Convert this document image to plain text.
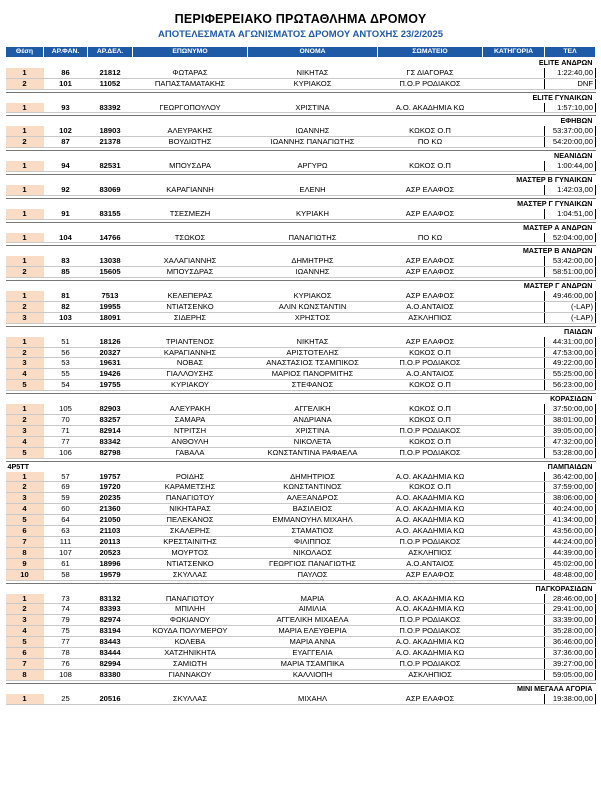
ΠΕΡΙΦΕΡΕΙΑΚΟ ΠΡΩΤΑΘΛΗΜΑ ΔΡΟΜΟΥ
ΑΠΟΤΕΛΕΣΜΑΤΑ ΑΓΩΝΙΣΜΑΤΟΣ ΔΡΟΜΟΥ ΑΝΤΟΧΗΣ 23/2/2025
Θέση	ΑΡ.ΦΑΝ.	ΑΡ.ΔΕΛ.	ΕΠΩΝΥΜΟ	ΟΝΟΜΑ	ΣΩΜΑΤΕΙΟ	ΚΑΤΗΓΟΡΙΑ	ΤΕΛ
						ELITE ΑΝΔΡΩΝ	
1	86	21812	ΦΩΤΑΡΑΣ	ΝΙΚΗΤΑΣ	ΓΣ ΔΙΑΓΟΡΑΣ		1:22:40,00
2	101	11052	ΠΑΠΑΣΤΑΜΑΤΑΚΗΣ	ΚΥΡΙΑΚΟΣ	Π.Ο.Ρ ΡΟΔΙΑΚΟΣ		DNF

						ELITE ΓΥΝΑΙΚΩΝ	
1	93	83392	ΓΕΩΡΓΟΠΟΥΛΟΥ	ΧΡΙΣΤΙΝΑ	Α.Ο. ΑΚΑΔΗΜΙΑ ΚΩ		1:57:10,00

						ΕΦΗΒΩΝ	
1	102	18903	ΑΛΕΥΡΑΚΗΣ	ΙΩΑΝΝΗΣ	ΚΩΚΟΣ Ο.Π		53:37:00,00
2	87	21378	ΒΟΥΔΙΩΤΗΣ	ΙΩΑΝΝΗΣ ΠΑΝΑΓΙΩΤΗΣ	ΠΟ ΚΩ		54:20:00,00

						ΝΕΑΝΙΔΩΝ	
1	94	82531	ΜΠΟΥΣΔΡΑ	ΑΡΓΥΡΩ	ΚΩΚΟΣ Ο.Π		1:00:44,00

						ΜΑΣΤΕΡ Β ΓΥΝΑΙΚΩΝ	
1	92	83069	ΚΑΡΑΓΙΑΝΝΗ	ΕΛΕΝΗ	ΑΣΡ ΕΛΑΦΟΣ		1:42:03,00

						ΜΑΣΤΕΡ Γ ΓΥΝΑΙΚΩΝ	
1	91	83155	ΤΣΕΣΜΕΖΗ	ΚΥΡΙΑΚΗ	ΑΣΡ ΕΛΑΦΟΣ		1:04:51,00

						ΜΑΣΤΕΡ Α ΑΝΔΡΩΝ	
1	104	14766	ΤΣΩΚΟΣ	ΠΑΝΑΓΙΩΤΗΣ	ΠΟ ΚΩ		52:04:00,00

						ΜΑΣΤΕΡ Β ΑΝΔΡΩΝ	
1	83	13038	ΧΑΛΑΓΙΑΝΝΗΣ	ΔΗΜΗΤΡΗΣ	ΑΣΡ ΕΛΑΦΟΣ		53:42:00,00
2	85	15605	ΜΠΟΥΣΔΡΑΣ	ΙΩΑΝΝΗΣ	ΑΣΡ ΕΛΑΦΟΣ		58:51:00,00

						ΜΑΣΤΕΡ Γ ΑΝΔΡΩΝ	
1	81	7513	ΚΕΛΕΠΕΡΑΣ	ΚΥΡΙΑΚΟΣ	ΑΣΡ ΕΛΑΦΟΣ		49:46:00,00
2	82	19955	ΝΤΙΑΤΣΕΝΚΟ	ΑΛΙΝ ΚΩΝΣΤΑΝΤΙΝ	Α.Ο.ΑΝΤΑΙΟΣ		(-LAP)
3	103	18091	ΣΙΔΕΡΗΣ	ΧΡΗΣΤΟΣ	ΑΣΚΛΗΠΙΟΣ		(-LAP)

						ΠΑΙΔΩΝ	
1	51	18126	ΤΡΙΑΝΤΕΝΟΣ	ΝΙΚΗΤΑΣ	ΑΣΡ ΕΛΑΦΟΣ		44:31:00,00
2	56	20327	ΚΑΡΑΓΙΑΝΝΗΣ	ΑΡΙΣΤΟΤΕΛΗΣ	ΚΩΚΟΣ Ο.Π		47:53:00,00
3	53	19631	ΝΟΒΑΣ	ΑΝΑΣΤΑΣΙΟΣ ΤΣΑΜΠΙΚΟΣ	Π.Ο.Ρ ΡΟΔΙΑΚΟΣ		49:22:00,00
4	55	19426	ΓΙΑΛΛΟΥΣΗΣ	ΜΑΡΙΟΣ ΠΑΝΟΡΜΙΤΗΣ	Α.Ο.ΑΝΤΑΙΟΣ		55:25:00,00
5	54	19755	ΚΥΡΙΑΚΟΥ	ΣΤΕΦΑΝΟΣ	ΚΩΚΟΣ Ο.Π		56:23:00,00

						ΚΟΡΑΣΙΔΩΝ	
1	105	82903	ΑΛΕΥΡΑΚΗ	ΑΓΓΕΛΙΚΗ	ΚΩΚΟΣ Ο.Π		37:50:00,00
2	70	83257	ΣΑΜΑΡΑ	ΑΝΔΡΙΑΝΑ	ΚΩΚΟΣ Ο.Π		38:01:00,00
3	71	82914	ΝΤΡΙΤΣΗ	ΧΡΙΣΤΙΝΑ	Π.Ο.Ρ ΡΟΔΙΑΚΟΣ		39:05:00,00
4	77	83342	ΑΝΘΟΥΛΗ	ΝΙΚΟΛΕΤΑ	ΚΩΚΟΣ Ο.Π		47:32:00,00
5	106	82798	ΓΑΒΑΛΑ	ΚΩΝΣΤΑΝΤΙΝΑ ΡΑΦΑΕΛΑ	Π.Ο.Ρ ΡΟΔΙΑΚΟΣ		53:28:00,00

4Ρ5ΤΤ						ΠΑΜΠΑΙΔΩΝ	
1	57	19757	ΡΟΙΔΗΣ	ΔΗΜΗΤΡΙΟΣ	Α.Ο. ΑΚΑΔΗΜΙΑ ΚΩ		36:42:00,00
2	69	19720	ΚΑΡΑΜΕΤΣΗΣ	ΚΩΝΣΤΑΝΤΙΝΟΣ	ΚΩΚΟΣ Ο.Π		37:59:00,00
3	59	20235	ΠΑΝΑΓΙΩΤΟΥ	ΑΛΕΞΑΝΔΡΟΣ	Α.Ο. ΑΚΑΔΗΜΙΑ ΚΩ		38:06:00,00
4	60	21360	ΝΙΚΗΤΑΡΑΣ	ΒΑΣΙΛΕΙΟΣ	Α.Ο. ΑΚΑΔΗΜΙΑ ΚΩ		40:24:00,00
5	64	21050	ΠΕΛΕΚΑΝΟΣ	ΕΜΜΑΝΟΥΗΛ ΜΙΧΑΗΛ	Α.Ο. ΑΚΑΔΗΜΙΑ ΚΩ		41:34:00,00
6	63	21103	ΣΚΑΛΕΡΗΣ	ΣΤΑΜΑΤΙΟΣ	Α.Ο. ΑΚΑΔΗΜΙΑ ΚΩ		43:56:00,00
7	111	20113	ΚΡΕΣΤΑΙΝΙΤΗΣ	ΦΙΛΙΠΠΟΣ	Π.Ο.Ρ ΡΟΔΙΑΚΟΣ		44:24:00,00
8	107	20523	ΜΟΥΡΤΟΣ	ΝΙΚΟΛΑΟΣ	ΑΣΚΛΗΠΙΟΣ		44:39:00,00
9	61	18996	ΝΤΙΑΤΣΕΝΚΟ	ΓΕΩΡΓΙΟΣ ΠΑΝΑΓΙΩΤΗΣ	Α.Ο.ΑΝΤΑΙΟΣ		45:02:00,00
10	58	19579	ΣΚΥΛΛΑΣ	ΠΑΥΛΟΣ	ΑΣΡ ΕΛΑΦΟΣ		48:48:00,00

						ΠΑΓΚΟΡΑΣΙΔΩΝ	
1	73	83132	ΠΑΝΑΓΙΩΤΟΥ	ΜΑΡΙΑ	Α.Ο. ΑΚΑΔΗΜΙΑ ΚΩ		28:46:00,00
2	74	83393	ΜΠΙΛΗΗ	ΑΙΜΙΛΙΑ	Α.Ο. ΑΚΑΔΗΜΙΑ ΚΩ		29:41:00,00
3	79	82974	ΦΩΚΙΑΝΟΥ	ΑΓΓΕΛΙΚΗ ΜΙΧΑΕΛΑ	Π.Ο.Ρ ΡΟΔΙΑΚΟΣ		33:39:00,00
4	75	83194	ΚΟΥΔΑ ΠΟΛΥΜΕΡΟΥ	ΜΑΡΙΑ ΕΛΕΥΘΕΡΙΑ	Π.Ο.Ρ ΡΟΔΙΑΚΟΣ		35:28:00,00
5	77	83443	ΚΟΛΕΒΑ	ΜΑΡΙΑ ΑΝΝΑ	Α.Ο. ΑΚΑΔΗΜΙΑ ΚΩ		36:46:00,00
6	78	83444	ΧΑΤΖΗΝΙΚΗΤΑ	ΕΥΑΓΓΕΛΙΑ	Α.Ο. ΑΚΑΔΗΜΙΑ ΚΩ		37:36:00,00
7	76	82994	ΣΑΜΙΩΤΗ	ΜΑΡΙΑ ΤΣΑΜΠΙΚΑ	Π.Ο.Ρ ΡΟΔΙΑΚΟΣ		39:27:00,00
8	108	83380	ΓΙΑΝΝΑΚΟΥ	ΚΑΛΛΙΟΠΗ	ΑΣΚΛΗΠΙΟΣ		59:05:00,00

						ΜΙΝΙ ΜΕΓΑΛΑ ΑΓΟΡΙΑ	
1	25	20516	ΣΚΥΛΛΑΣ	ΜΙΧΑΗΛ	ΑΣΡ ΕΛΑΦΟΣ		19:38:00,00
